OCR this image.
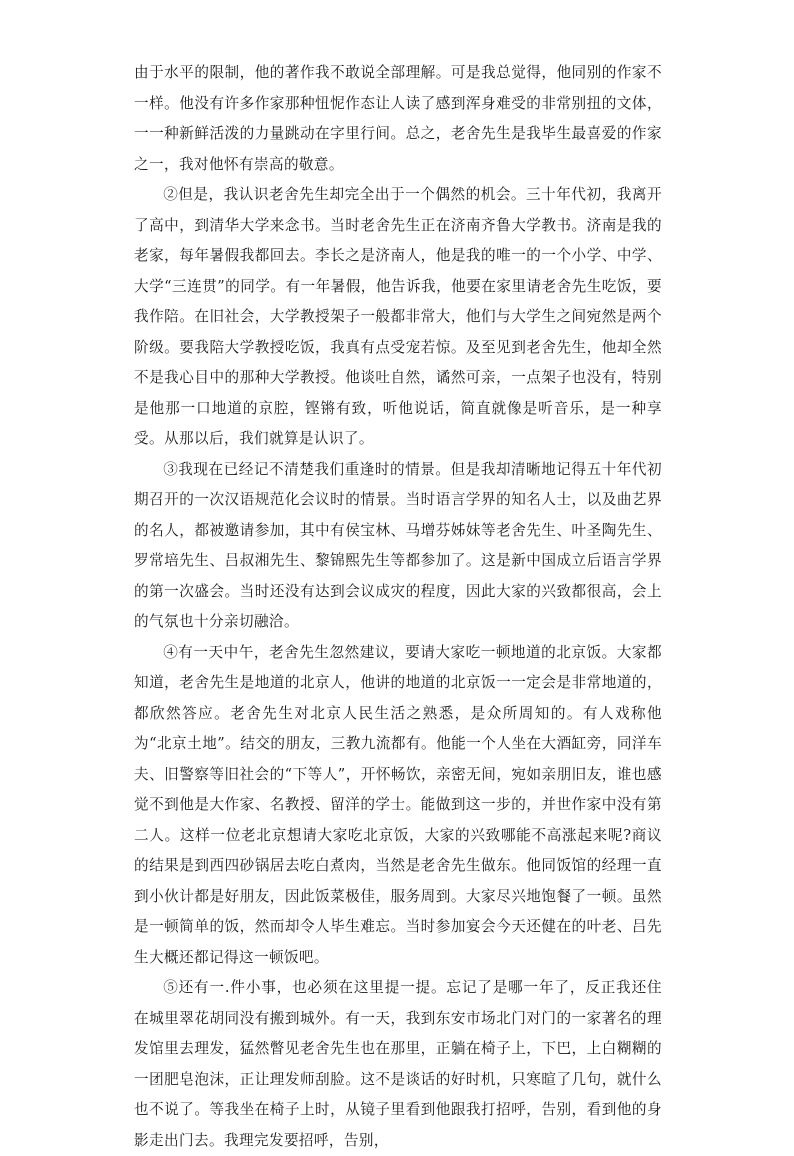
由于水平的限制，他的著作我不敢说全部理解。可是我总觉得，他同别的作家不一样。他没有许多作家那种忸怩作态让人读了感到浑身难受的非常别扭的文体，一一种新鲜活泼的力量跳动在字里行间。总之，老舍先生是我毕生最喜爱的作家之一，我对他怀有崇高的敬意。

②但是，我认识老舍先生却完全出于一个偶然的机会。三十年代初，我离开了高中，到清华大学来念书。当时老舍先生正在济南齐鲁大学教书。济南是我的老家，每年暑假我都回去。李长之是济南人，他是我的唯一的一个小学、中学、大学“三连贯”的同学。有一年暑假，他告诉我，他要在家里请老舍先生吃饭，要我作陪。在旧社会，大学教授架子一般都非常大，他们与大学生之间宛然是两个阶级。要我陪大学教授吃饭，我真有点受宠若惊。及至见到老舍先生，他却全然不是我心目中的那种大学教授。他谈吐自然，谲然可亲，一点架子也没有，特别是他那一口地道的京腔，铿锵有致，听他说话，简直就像是听音乐，是一种享受。从那以后，我们就算是认识了。

③我现在已经记不清楚我们重逢时的情景。但是我却清晰地记得五十年代初期召开的一次汉语规范化会议时的情景。当时语言学界的知名人士，以及曲艺界的名人，都被邀请参加，其中有侯宝林、马增芬姊妹等老舍先生、叶圣陶先生、罗常培先生、吕叔湘先生、黎锦熙先生等都参加了。这是新中国成立后语言学界的第一次盛会。当时还没有达到会议成灾的程度，因此大家的兴致都很高，会上的气氛也十分亲切融洽。

④有一天中午，老舍先生忽然建议，要请大家吃一顿地道的北京饭。大家都知道，老舍先生是地道的北京人，他讲的地道的北京饭一一定会是非常地道的，都欣然答应。老舍先生对北京人民生活之熟悉，是众所周知的。有人戏称他为“北京土地”。结交的朋友，三教九流都有。他能一个人坐在大酒缸旁，同洋车夫、旧警察等旧社会的“下等人”，开怀畅饮，亲密无间，宛如亲朋旧友，谁也感觉不到他是大作家、名教授、留洋的学士。能做到这一步的，并世作家中没有第二人。这样一位老北京想请大家吃北京饭，大家的兴致哪能不高涨起来呢?商议的结果是到西四砂锅居去吃白煮肉，当然是老舍先生做东。他同饭馆的经理一直到小伙计都是好朋友，因此饭菜极佳，服务周到。大家尽兴地饱餐了一顿。虽然是一顿简单的饭，然而却令人毕生难忘。当时参加宴会今天还健在的叶老、吕先生大概还都记得这一顿饭吧。

⑤还有一.件小事，也必须在这里提一提。忘记了是哪一年了，反正我还住在城里翠花胡同没有搬到城外。有一天，我到东安市场北门对门的一家著名的理发馆里去理发，猛然瞥见老舍先生也在那里，正躺在椅子上，下巴，上白糊糊的一团肥皂泡沫，正让理发师刮脸。这不是谈话的好时机，只寒暄了几句，就什么也不说了。等我坐在椅子上时，从镜子里看到他跟我打招呼，告别，看到他的身影走出门去。我理完发要招呼，告别，
